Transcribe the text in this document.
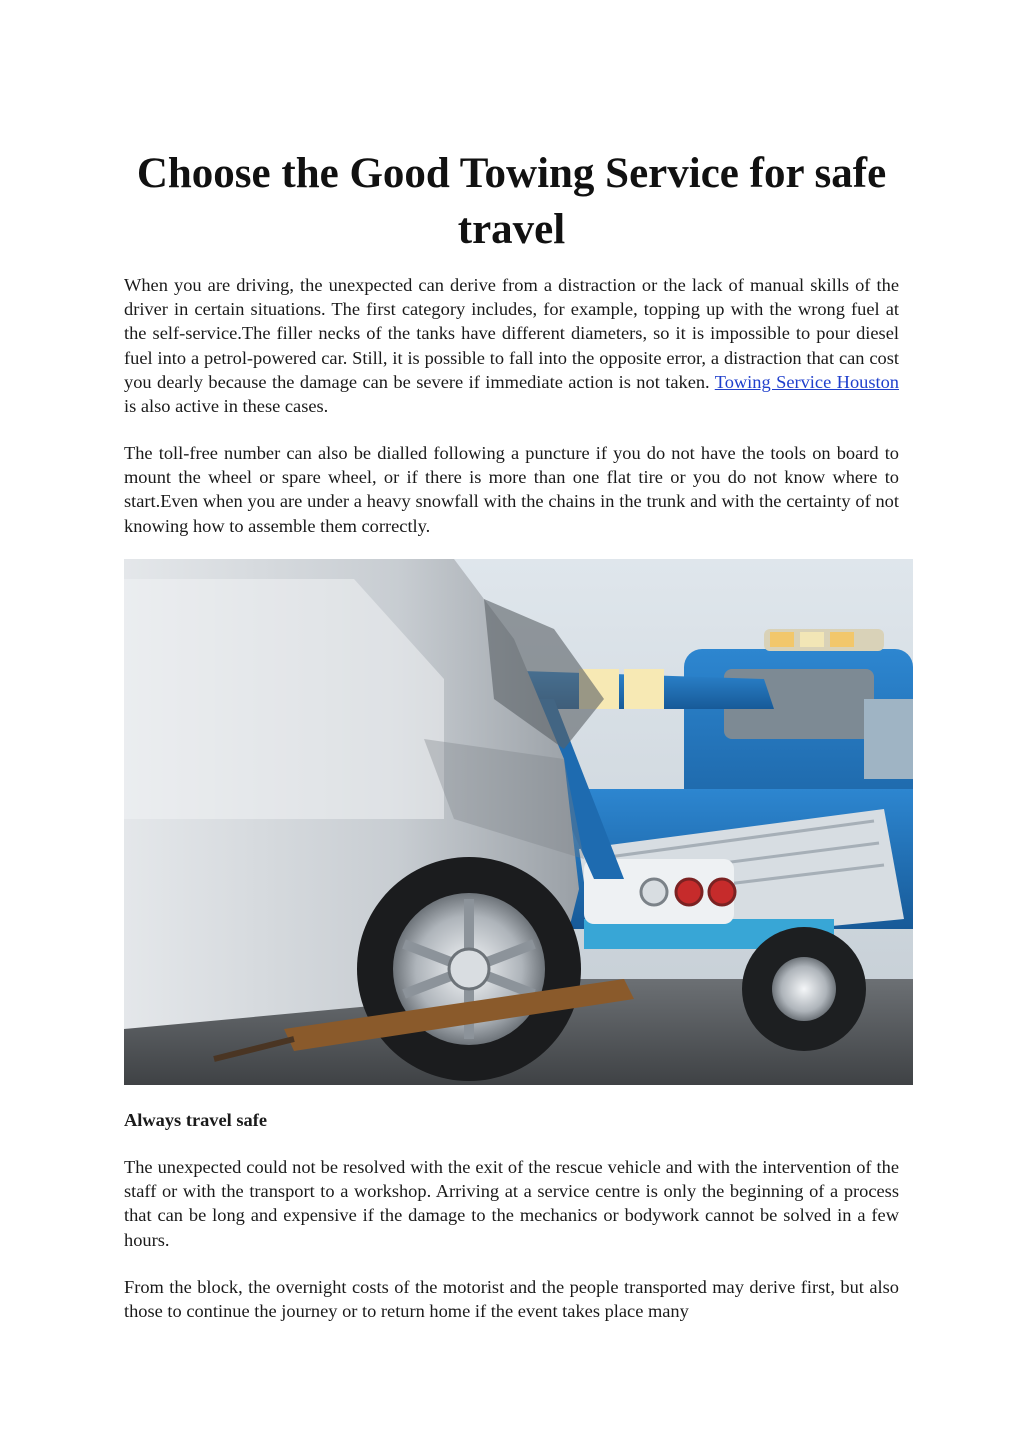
Choose the Good Towing Service for safe travel

When you are driving, the unexpected can derive from a distraction or the lack of manual skills of the driver in certain situations. The first category includes, for example, topping up with the wrong fuel at the self-service.The filler necks of the tanks have different diameters, so it is impossible to pour diesel fuel into a petrol-powered car. Still, it is possible to fall into the opposite error, a distraction that can cost you dearly because the damage can be severe if immediate action is not taken. Towing Service Houston is also active in these cases.

The toll-free number can also be dialled following a puncture if you do not have the tools on board to mount the wheel or spare wheel, or if there is more than one flat tire or you do not know where to start.Even when you are under a heavy snowfall with the chains in the trunk and with the certainty of not knowing how to assemble them correctly.

Always travel safe

The unexpected could not be resolved with the exit of the rescue vehicle and with the intervention of the staff or with the transport to a workshop. Arriving at a service centre is only the beginning of a process that can be long and expensive if the damage to the mechanics or bodywork cannot be solved in a few hours.

From the block, the overnight costs of the motorist and the people transported may derive first, but also those to continue the journey or to return home if the event takes place many
